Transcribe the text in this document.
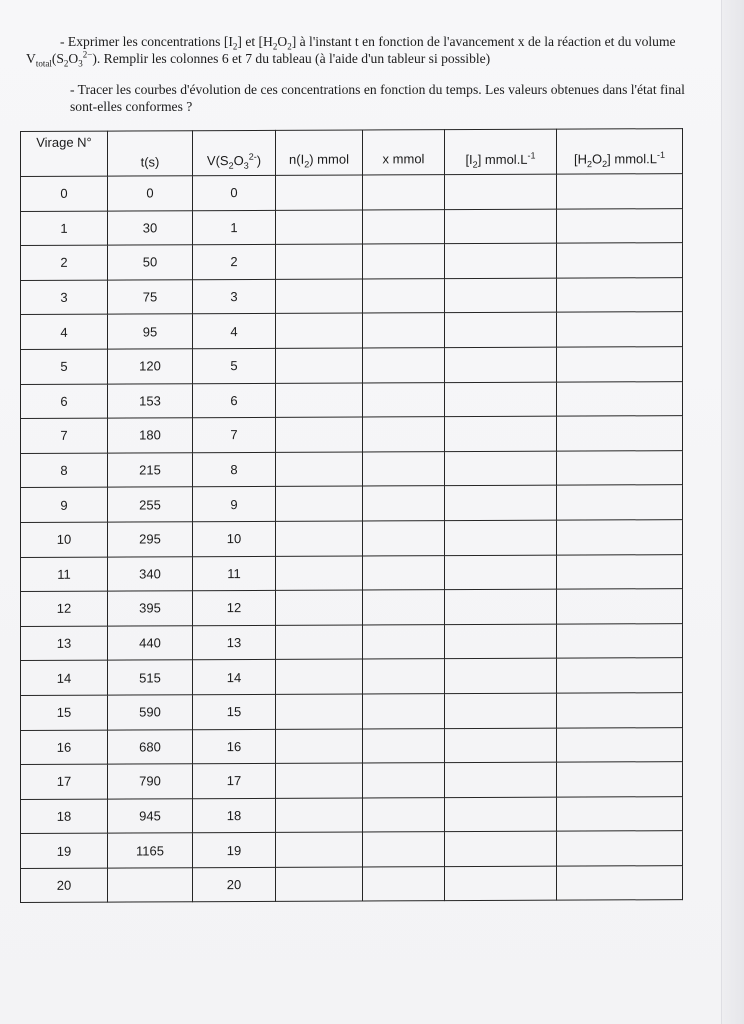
- Exprimer les concentrations $[I_2]$ et $[H_2O_2]$ à l'instant t en fonction de l'avancement x de la réaction et du volume $V_{total}(S_2O_3^{2-})$. Remplir les colonnes 6 et 7 du tableau (à l'aide d'un tableur si possible)

- Tracer les courbes d'évolution de ces concentrations en fonction du temps. Les valeurs obtenues dans l'état final sont-elles conformes ?

Virage N°	t(s)	$V(S_2O_3^{2-})$	$n(I_2)$ mmol	x mmol	$[I_2]$ $mmol.L^{-1}$	$[H_2O_2]$ $mmol.L^{-1}$
0	0	0				
1	30	1				
2	50	2				
3	75	3				
4	95	4				
5	120	5				
6	153	6				
7	180	7				
8	215	8				
9	255	9				
10	295	10				
11	340	11				
12	395	12				
13	440	13				
14	515	14				
15	590	15				
16	680	16				
17	790	17				
18	945	18				
19	1165	19				
20		20				
